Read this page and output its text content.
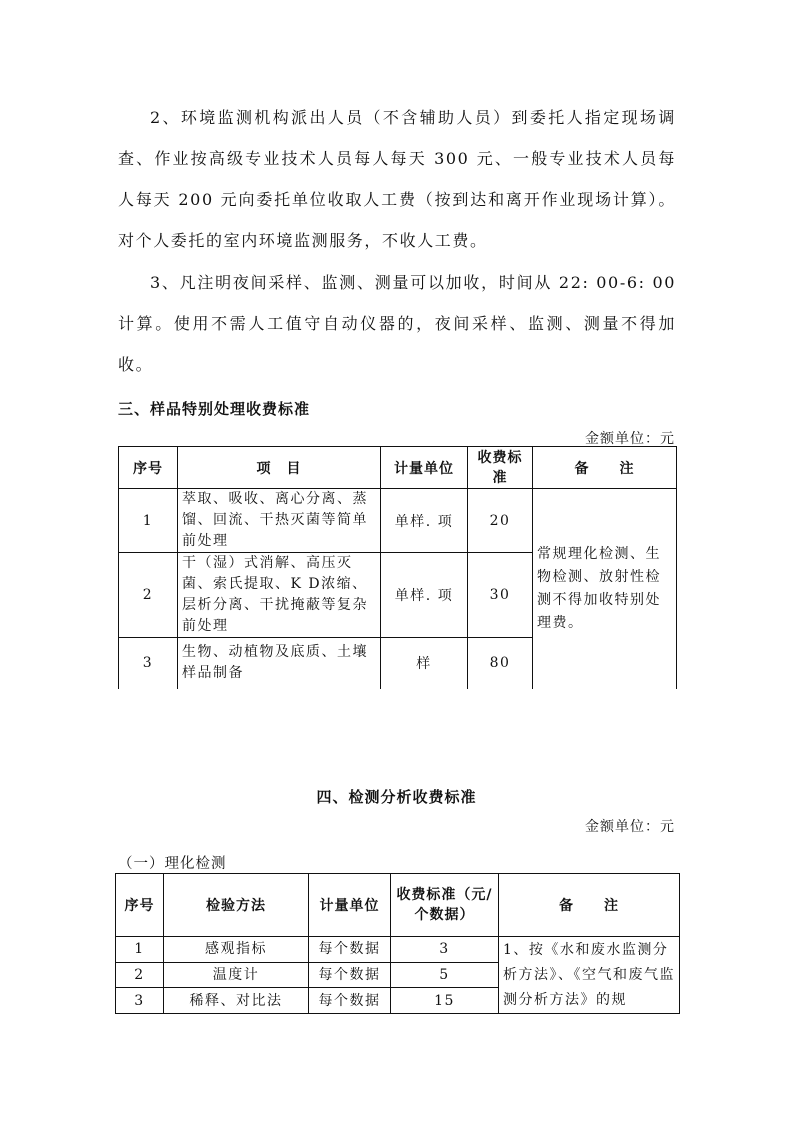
2、环境监测机构派出人员（不含辅助人员）到委托人指定现场调查、作业按高级专业技术人员每人每天 300 元、一般专业技术人员每人每天 200 元向委托单位收取人工费（按到达和离开作业现场计算）。对个人委托的室内环境监测服务，不收人工费。
3、凡注明夜间采样、监测、测量可以加收，时间从 22: 00-6: 00 计算。使用不需人工值守自动仪器的，夜间采样、监测、测量不得加收。
三、样品特别处理收费标准
金额单位：元
序号	项　目	计量单位	收费标准	备　　注
1	萃取、吸收、离心分离、蒸馏、回流、干热灭菌等简单前处理	单样. 项	20	常规理化检测、生物检测、放射性检测不得加收特别处理费。
2	干（湿）式消解、高压灭菌、索氏提取、K D浓缩、层析分离、干扰掩蔽等复杂前处理	单样. 项	30	
3	生物、动植物及底质、土壤样品制备	样	80	
四、检测分析收费标准
金额单位：元
（一）理化检测
序号	检验方法	计量单位	收费标准（元/个数据）	备　　注
1	感观指标	每个数据	3	1、按《水和废水监测分析方法》、《空气和废气监测分析方法》的规
2	温度计	每个数据	5	
3	稀释、对比法	每个数据	15	
